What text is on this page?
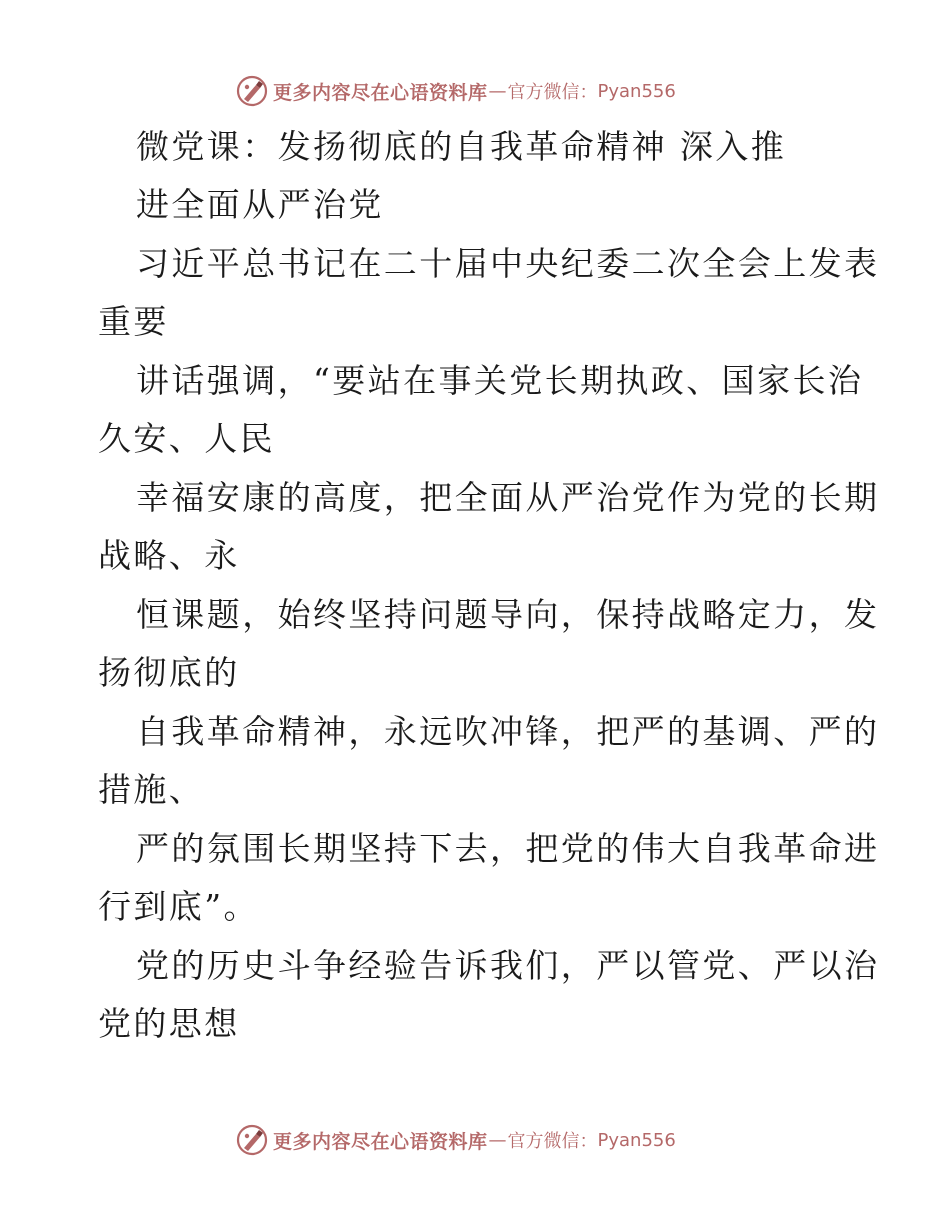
更多内容尽在心语资料库 — 官方微信： Pyan556
微党课：发扬彻底的自我革命精神 深入推
进全面从严治党
习近平总书记在二十届中央纪委二次全会上发表
重要
讲话强调，“要站在事关党长期执政、国家长治
久安、人民
幸福安康的高度，把全面从严治党作为党的长期
战略、永
恒课题，始终坚持问题导向，保持战略定力，发
扬彻底的
自我革命精神，永远吹冲锋，把严的基调、严的
措施、
严的氛围长期坚持下去，把党的伟大自我革命进
行到底”。
党的历史斗争经验告诉我们，严以管党、严以治
党的思想
更多内容尽在心语资料库 — 官方微信： Pyan556
